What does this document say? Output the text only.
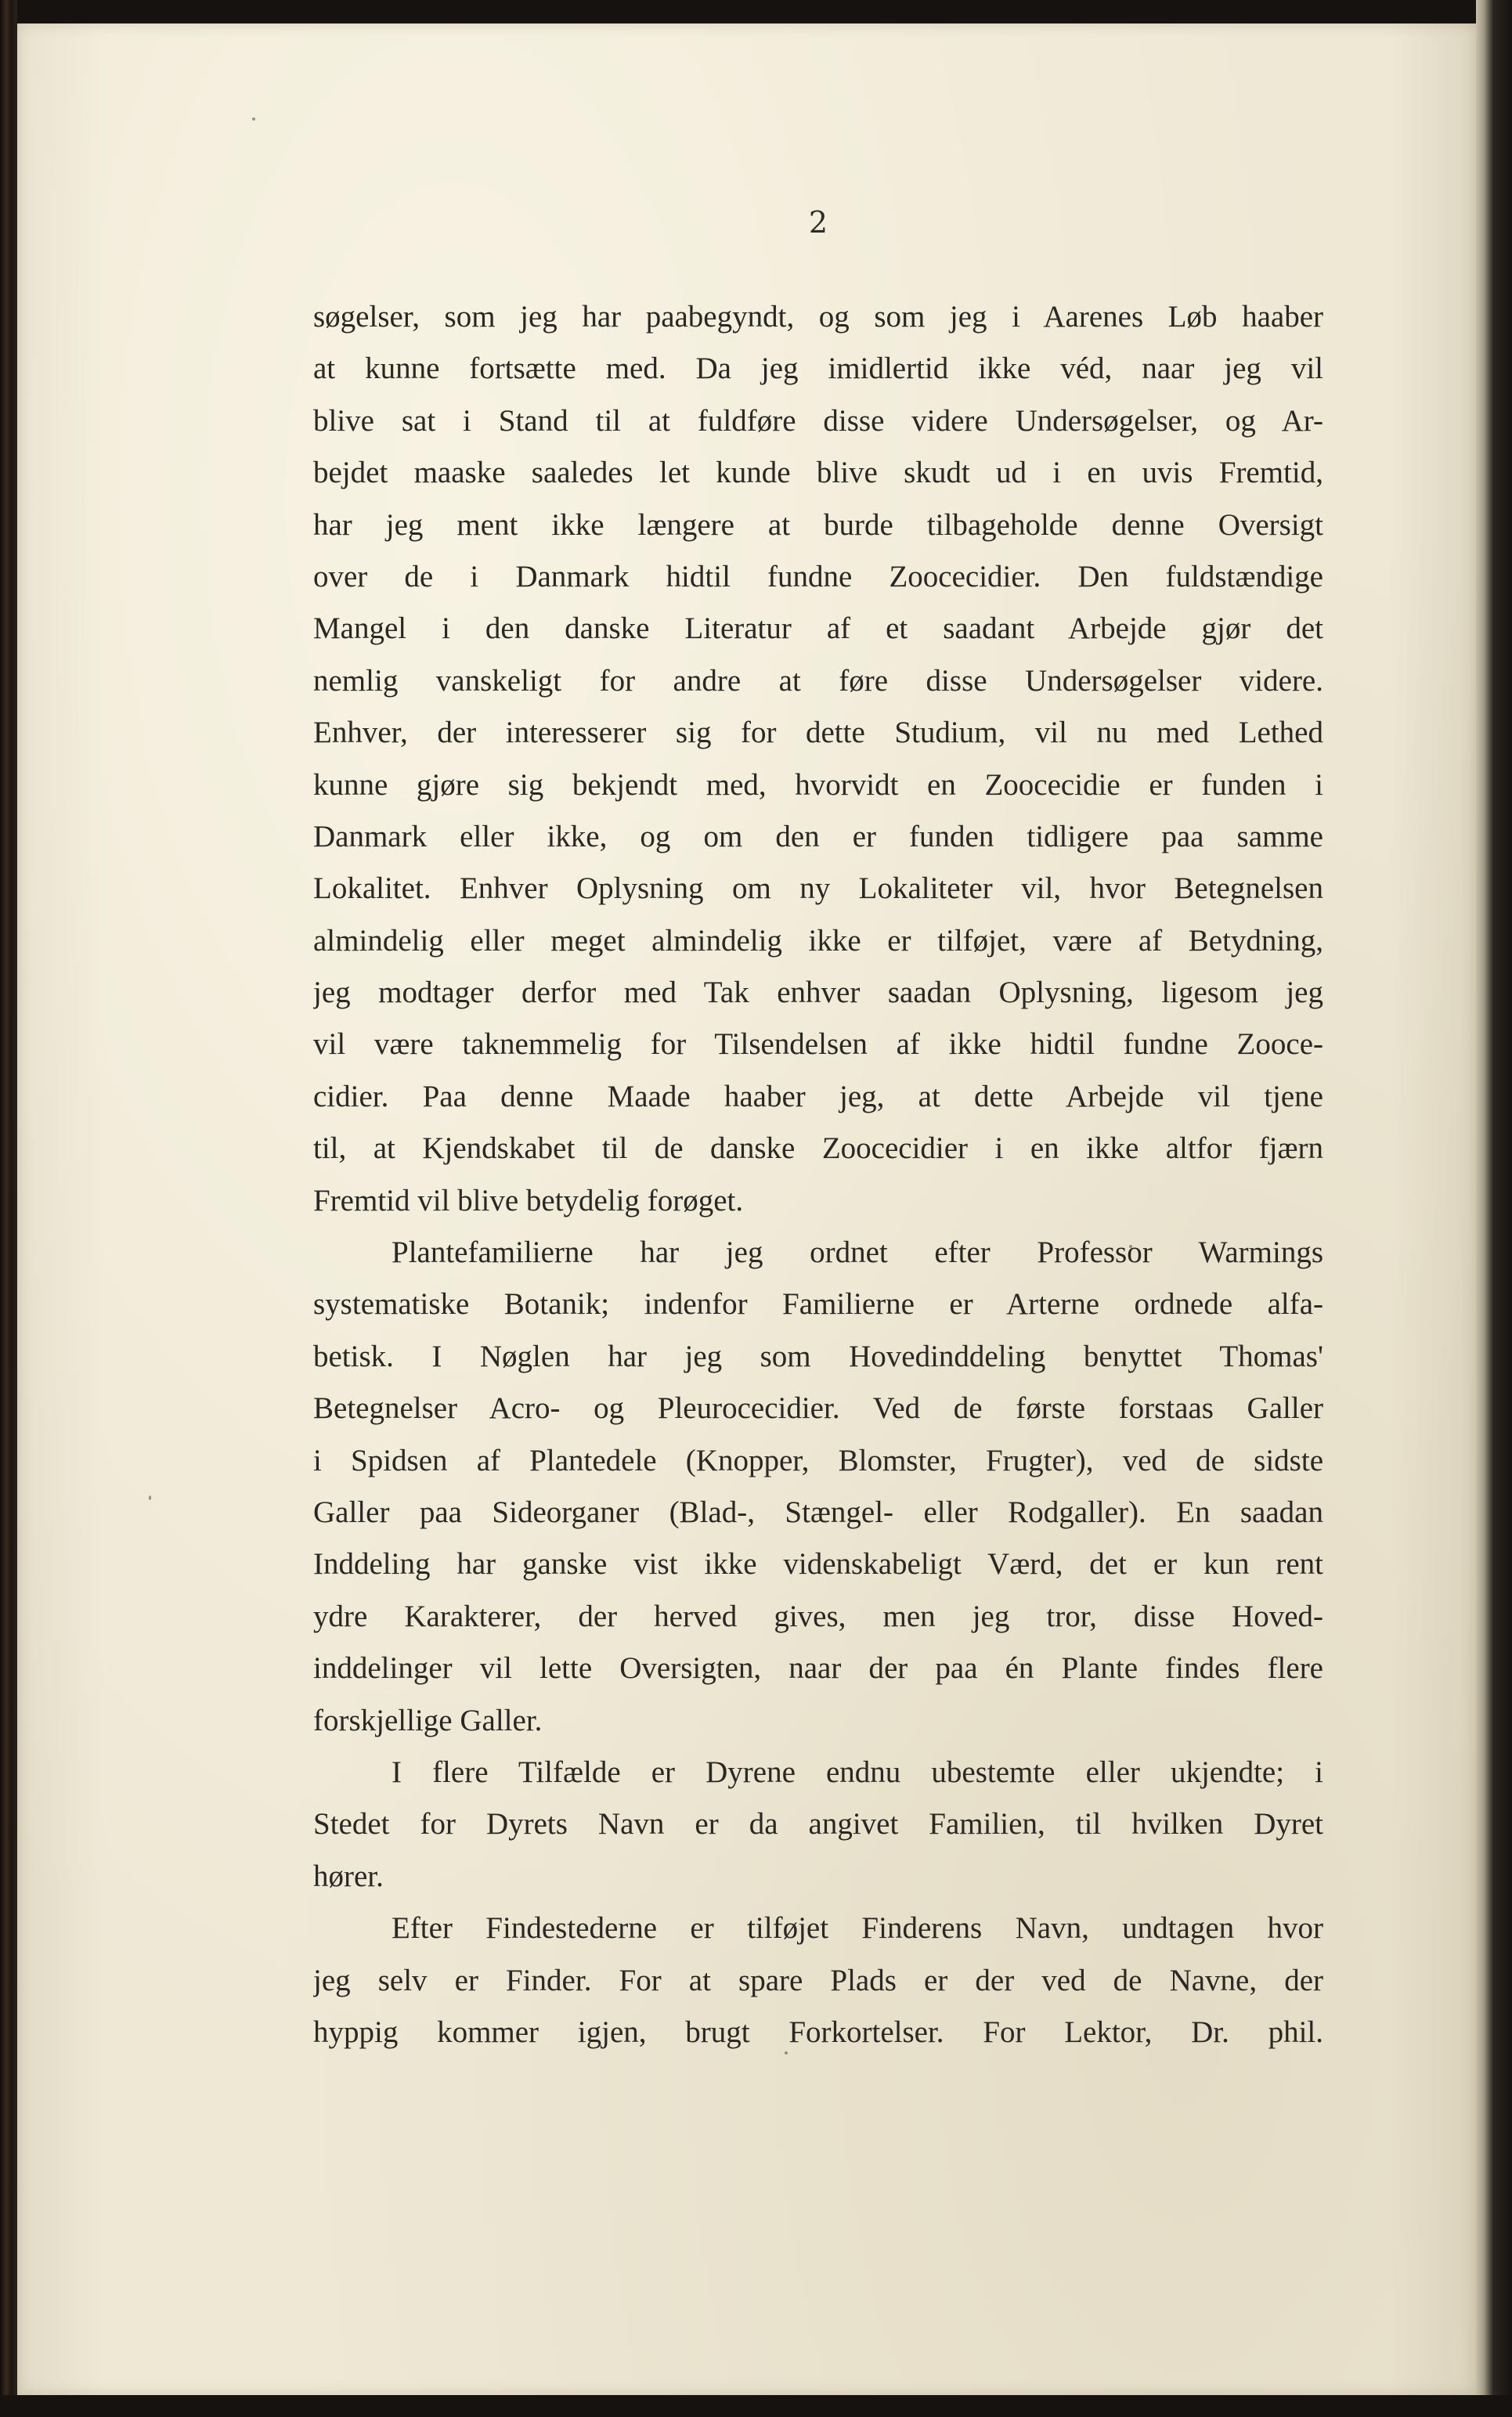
2
søgelser, som jeg har paabegyndt, og som jeg i Aarenes Løb haaber
at kunne fortsætte med. Da jeg imidlertid ikke véd, naar jeg vil
blive sat i Stand til at fuldføre disse videre Undersøgelser, og Ar-
bejdet maaske saaledes let kunde blive skudt ud i en uvis Fremtid,
har jeg ment ikke længere at burde tilbageholde denne Oversigt
over de i Danmark hidtil fundne Zoocecidier. Den fuldstændige
Mangel i den danske Literatur af et saadant Arbejde gjør det
nemlig vanskeligt for andre at føre disse Undersøgelser videre.
Enhver, der interesserer sig for dette Studium, vil nu med Lethed
kunne gjøre sig bekjendt med, hvorvidt en Zoocecidie er funden i
Danmark eller ikke, og om den er funden tidligere paa samme
Lokalitet. Enhver Oplysning om ny Lokaliteter vil, hvor Betegnelsen
almindelig eller meget almindelig ikke er tilføjet, være af Betydning,
jeg modtager derfor med Tak enhver saadan Oplysning, ligesom jeg
vil være taknemmelig for Tilsendelsen af ikke hidtil fundne Zooce-
cidier. Paa denne Maade haaber jeg, at dette Arbejde vil tjene
til, at Kjendskabet til de danske Zoocecidier i en ikke altfor fjærn
Fremtid vil blive betydelig forøget.
Plantefamilierne har jeg ordnet efter Professor Warmings
systematiske Botanik; indenfor Familierne er Arterne ordnede alfa-
betisk. I Nøglen har jeg som Hovedinddeling benyttet Thomas'
Betegnelser Acro- og Pleurocecidier. Ved de første forstaas Galler
i Spidsen af Plantedele (Knopper, Blomster, Frugter), ved de sidste
Galler paa Sideorganer (Blad-, Stængel- eller Rodgaller). En saadan
Inddeling har ganske vist ikke videnskabeligt Værd, det er kun rent
ydre Karakterer, der herved gives, men jeg tror, disse Hoved-
inddelinger vil lette Oversigten, naar der paa én Plante findes flere
forskjellige Galler.
I flere Tilfælde er Dyrene endnu ubestemte eller ukjendte; i
Stedet for Dyrets Navn er da angivet Familien, til hvilken Dyret
hører.
Efter Findestederne er tilføjet Finderens Navn, undtagen hvor
jeg selv er Finder. For at spare Plads er der ved de Navne, der
hyppig kommer igjen, brugt Forkortelser. For Lektor, Dr. phil.
